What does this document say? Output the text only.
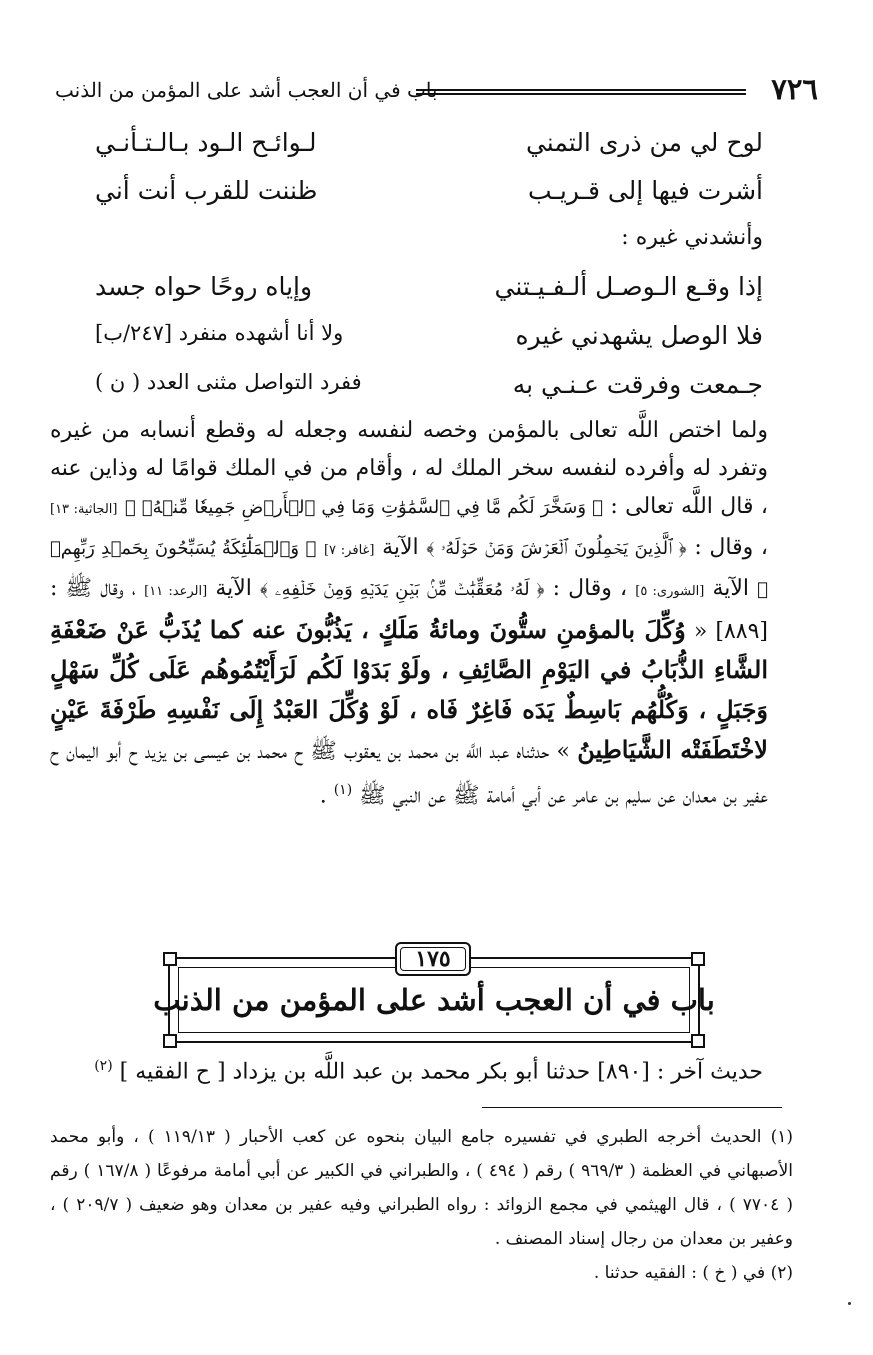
٧٢٦
باب في أن العجب أشد على المؤمن من الذنب
لوح لي من ذرى التمني
لـوائـح الـود بـالـتـأنـي
أشرت فيها إلى قـريـب
ظننت للقرب أنت أني
وأنشدني غيره :
إذا وقـع الـوصـل ألـفـيـتني
وإياه روحًا حواه جسد
فلا الوصل يشهدني غيره
ولا أنا أشهده منفرد [٢٤٧/ب]
جـمعت وفرقت عـنـي به
ففرد التواصل مثنى العدد ( ن )

ولما اختص اللَّه تعالى بالمؤمن وخصه لنفسه وجعله له وقطع أنسابه من غيره وتفرد له وأفرده لنفسه سخر الملك له ، وأقام من في الملك قوامًا له وذاين عنه ، قال اللَّه تعالى : ﴿ وَسَخَّرَ لَكُم مَّا فِي ٱلسَّمَٰوَٰتِ وَمَا فِي ٱلۡأَرۡضِ جَمِيعٗا مِّنۡهُۚ ﴾ [الجاثية: ١٣] ، وقال : ﴿ ٱلَّذِينَ يَحۡمِلُونَ ٱلۡعَرۡشَ وَمَنۡ حَوۡلَهُۥ ﴾ الآية [غافر: ٧] ﴿ وَٱلۡمَلَٰٓئِكَةُ يُسَبِّحُونَ بِحَمۡدِ رَبِّهِمۡ ﴾ الآية [الشورى: ٥] ، وقال : ﴿ لَهُۥ مُعَقِّبَٰتٞ مِّنۢ بَيۡنِ يَدَيۡهِ وَمِنۡ خَلۡفِهِۦ ﴾ الآية [الرعد: ١١] ، وقال ﷺ : [٨٨٩] « وُكِّلَ بالمؤمنِ ستُّونَ ومائةُ مَلَكٍ ، يَذُبُّونَ عنه كما يُذَبُّ عَنْ ضَعْفَةِ الشَّاءِ الذُّبَابُ في اليَوْمِ الصَّائِفِ ، ولَوْ بَدَوْا لَكُم لَرَأَيْتُمُوهُم عَلَى كُلِّ سَهْلٍ وَجَبَلٍ ، وَكُلُّهُم بَاسِطٌ يَدَه فَاغِرٌ فَاه ، لَوْ وُكِّلَ العَبْدُ إِلَى نَفْسِهِ طَرْفَةَ عَيْنٍ لاخْتَطَفَتْه الشَّيَاطِينُ » حدثناه عبد اللَّه بن محمد بن يعقوب ﷺ ح محمد بن عيسى بن يزيد ح أبو اليمان ح عفير بن معدان عن سليم بن عامر عن أبي أمامة ﷺ عن النبي ﷺ $^{(١)}$ .

باب في أن العجب أشد على المؤمن من الذنب
١٧٥
حديث آخر : [٨٩٠] حدثنا أبو بكر محمد بن عبد اللَّه بن يزداد [ ح الفقيه ] $^{(٢)}$

(١) الحديث أخرجه الطبري في تفسيره جامع البيان بنحوه عن كعب الأحبار ( ١١٩/١٣ ) ، وأبو محمد الأصبهاني في العظمة ( ٩٦٩/٣ ) رقم ( ٤٩٤ ) ، والطبراني في الكبير عن أبي أمامة مرفوعًا ( ١٦٧/٨ ) رقم ( ٧٧٠٤ ) ، قال الهيثمي في مجمع الزوائد : رواه الطبراني وفيه عفير بن معدان وهو ضعيف ( ٢٠٩/٧ ) ، وعفير بن معدان من رجال إسناد المصنف .

(٢) في ( خ ) : الفقيه حدثنا .
